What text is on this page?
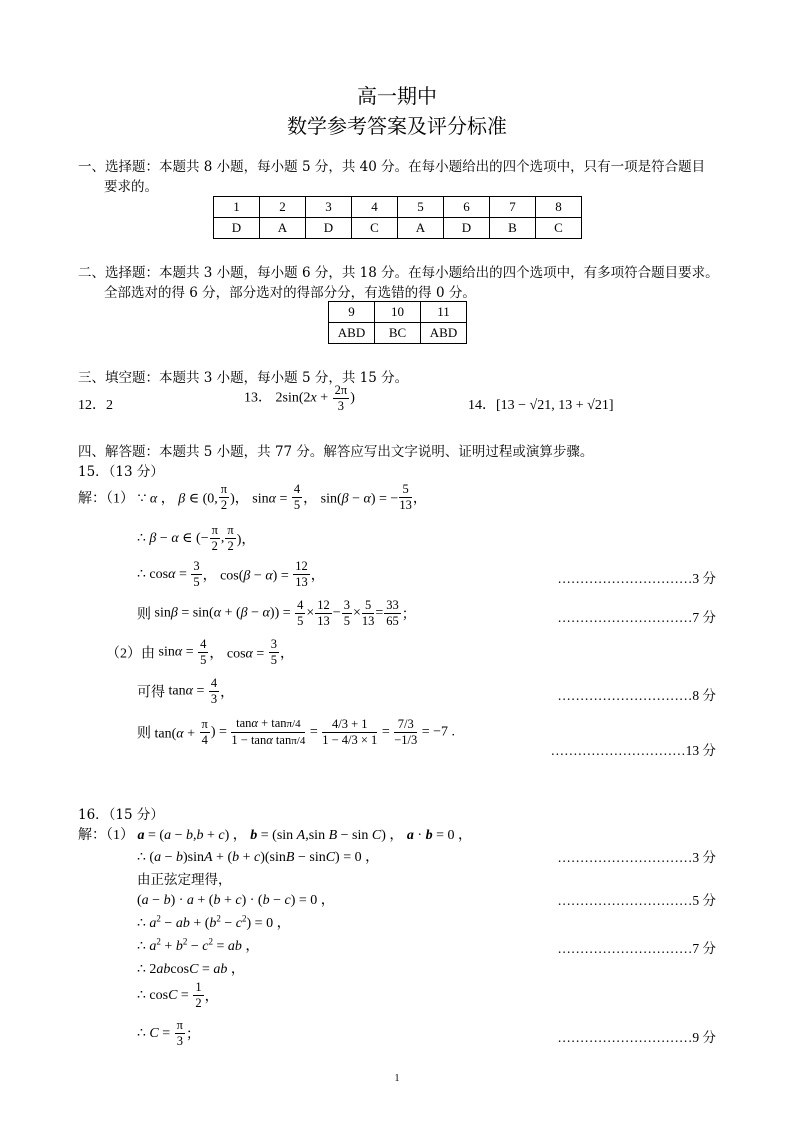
高一期中
数学参考答案及评分标准
一、选择题：本题共 8 小题，每小题 5 分，共 40 分。在每小题给出的四个选项中，只有一项是符合题目
要求的。
1	2	3	4	5	6	7	8
D	A	D	C	A	D	B	C
二、选择题：本题共 3 小题，每小题 6 分，共 18 分。在每小题给出的四个选项中，有多项符合题目要求。
全部选对的得 6 分，部分选对的得部分分，有选错的得 0 分。
9	10	11
ABD	BC	ABD
三、填空题：本题共 3 小题，每小题 5 分，共 15 分。
12．2	13． $2\sin(2x + \frac{2\pi}{3}$ )	14．[13 − √21, 13 + √21]
四、解答题：本题共 5 小题，共 77 分。解答应写出文字说明、证明过程或演算步骤。
15．（13 分）
解：（1） ∵ α ， β ∈ (0, $\frac{\pi}{2}$ )， $\sin\alpha = \frac{4}{5}$ ， sin(β − α) = − $\frac{5}{13}$ ，
∴ β − α ∈ (− $\frac{\pi}{2}$ , $\frac{\pi}{2}$ )，
∴ $\cos\alpha = \frac{3}{5}$ ， $\cos(\beta - \alpha) = \frac{12}{13}$ ，	…………………………3 分
则 $\sin\beta = \sin(\alpha + (\beta - \alpha)) = \frac{4}{5} \times \frac{12}{13} - \frac{3}{5} \times \frac{5}{13} = \frac{33}{65}$ ；	…………………………7 分
（2）由 $\sin\alpha = \frac{4}{5}$ ， $\cos\alpha = \frac{3}{5}$ ，
可得 $\tan\alpha = \frac{4}{3}$ ，	…………………………8 分
则 $\tan(\alpha + \frac{\pi}{4}$ ) = $\frac{\tan\alpha + \tan\pi/4}{\text{1 − tanα tanπ/4}} = \frac{4/3 + 1}{1 - 4/3 \times 1} = \frac{7/3}{-1/3} = -7$ .
…………………………13 分
16．（15 分）
解：（1） a = (a − b,b + c) ， b = (sin A,sin B − sin C) ， a · b = 0 ，
∴ (a − b)sinA + (b + c)(sinB − sinC) = 0 ，	…………………………3 分
由正弦定理得，
(a − b) · a + (b + c) · (b − c) = 0 ，	…………………………5 分
∴ $a^2$ − ab + $(b^2 - c^2) = 0$ ，
∴ $a^2 + b^2 - c^2$ = ab ，	…………………………7 分
∴ 2abcosC = ab ，
∴ $\cos C = \frac{1}{2}$ ，
∴ $C = \frac{\pi}{3}$ ；	…………………………9 分
1
